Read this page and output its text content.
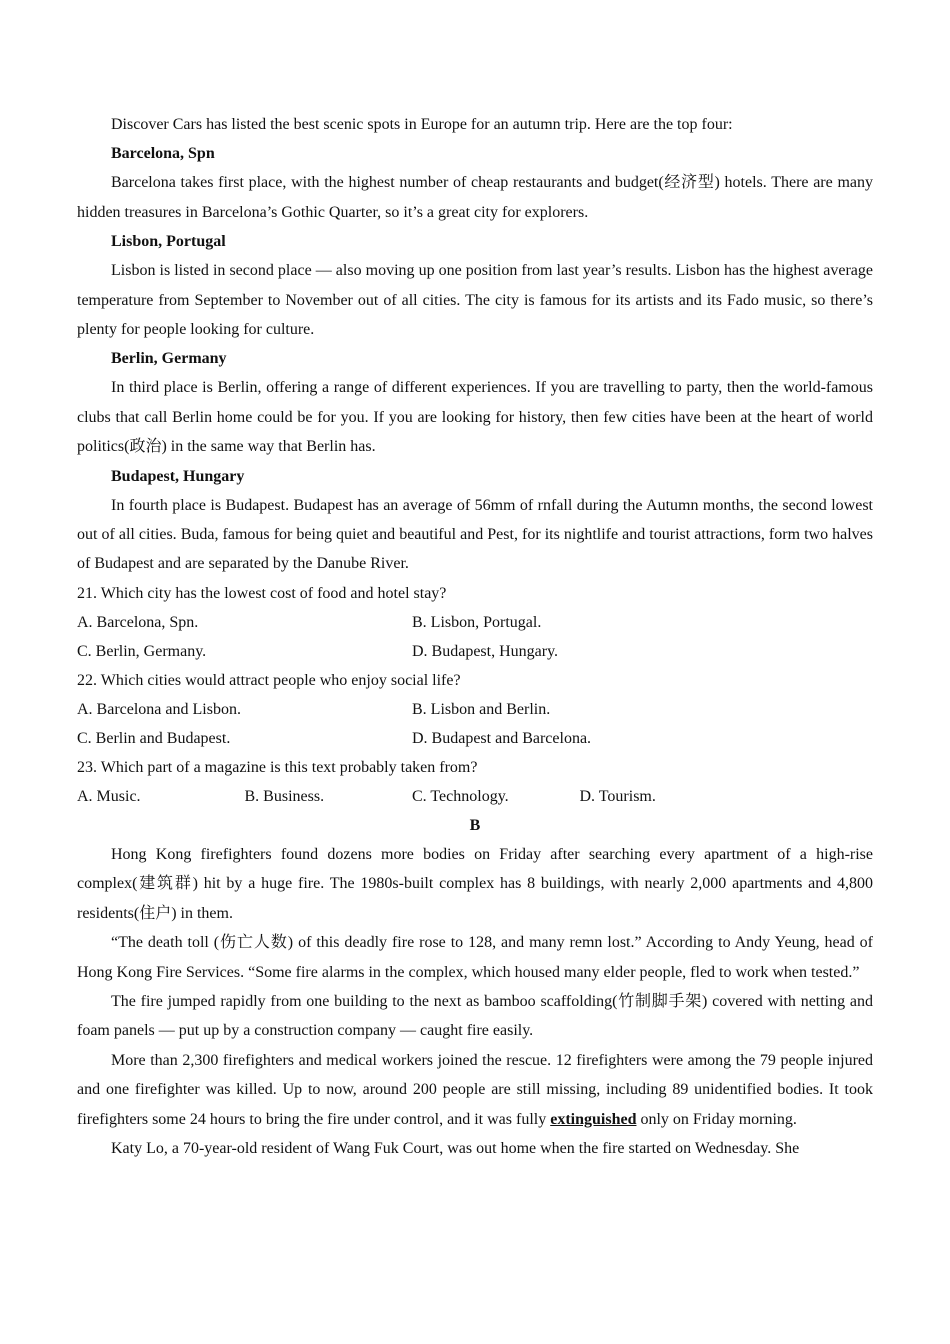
Discover Cars has listed the best scenic spots in Europe for an autumn trip. Here are the top four:

Barcelona, Spn

Barcelona takes first place, with the highest number of cheap restaurants and budget(经济型) hotels. There are many hidden treasures in Barcelona’s Gothic Quarter, so it’s a great city for explorers.

Lisbon, Portugal

Lisbon is listed in second place — also moving up one position from last year’s results. Lisbon has the highest average temperature from September to November out of all cities. The city is famous for its artists and its Fado music, so there’s plenty for people looking for culture.

Berlin, Germany

In third place is Berlin, offering a range of different experiences. If you are travelling to party, then the world-famous clubs that call Berlin home could be for you. If you are looking for history, then few cities have been at the heart of world politics(政治) in the same way that Berlin has.

Budapest, Hungary

In fourth place is Budapest. Budapest has an average of 56mm of rnfall during the Autumn months, the second lowest out of all cities. Buda, famous for being quiet and beautiful and Pest, for its nightlife and tourist attractions, form two halves of Budapest and are separated by the Danube River.

21. Which city has the lowest cost of food and hotel stay?

A. Barcelona, Spn.	B. Lisbon, Portugal.
C. Berlin, Germany.	D. Budapest, Hungary.

22. Which cities would attract people who enjoy social life?

A. Barcelona and Lisbon.	B. Lisbon and Berlin.
C. Berlin and Budapest.	D. Budapest and Barcelona.

23. Which part of a magazine is this text probably taken from?

A. Music.	B. Business.	C. Technology.	D. Tourism.

B

Hong Kong firefighters found dozens more bodies on Friday after searching every apartment of a high-rise complex(建筑群) hit by a huge fire. The 1980s-built complex has 8 buildings, with nearly 2,000 apartments and 4,800 residents(住户) in them.

“The death toll (伤亡人数) of this deadly fire rose to 128, and many remn lost.” According to Andy Yeung, head of Hong Kong Fire Services. “Some fire alarms in the complex, which housed many elder people, fled to work when tested.”

The fire jumped rapidly from one building to the next as bamboo scaffolding(竹制脚手架) covered with netting and foam panels — put up by a construction company — caught fire easily.

More than 2,300 firefighters and medical workers joined the rescue. 12 firefighters were among the 79 people injured and one firefighter was killed. Up to now, around 200 people are still missing, including 89 unidentified bodies. It took firefighters some 24 hours to bring the fire under control, and it was fully extinguished only on Friday morning.

Katy Lo, a 70-year-old resident of Wang Fuk Court, was out home when the fire started on Wednesday. She
